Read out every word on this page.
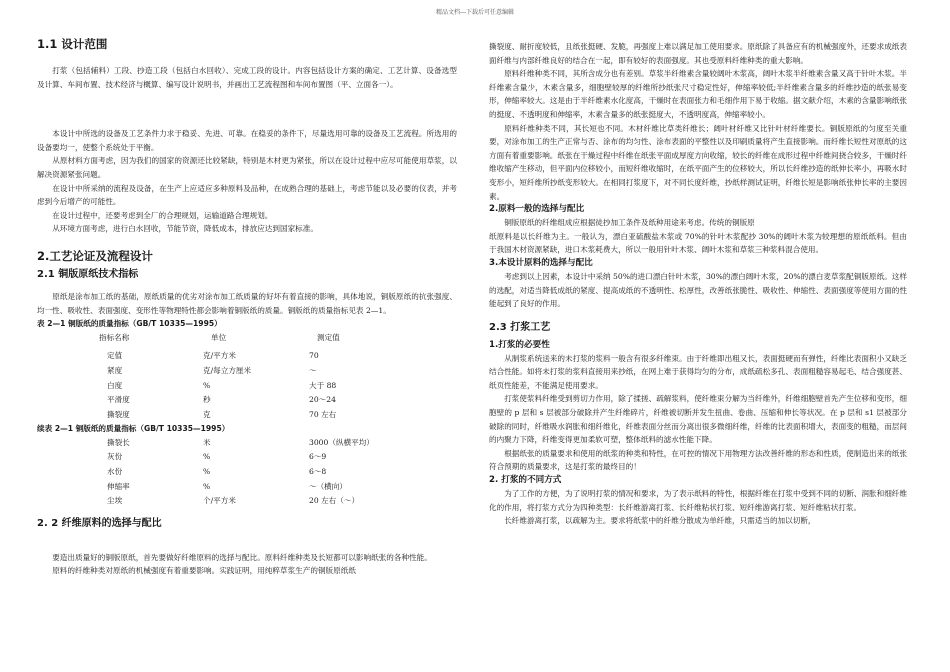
精品文档---下载后可任意编辑
1.1 设计范围

打浆（包括辅料）工段、抄造工段（包括白水回收）、完成工段的设计。内容包括设计方案的确定、工艺计算、设备选型及计算、车间布置、技术经济与概算、编写设计说明书，并画出工艺流程图和车间布置图（平、立面各一）。

本设计中所选的设备及工艺条件力求于稳妥、先进、可靠。在稳妥的条件下，尽量选用可靠的设备及工艺流程。所选用的设备要均一，使整个系统处于平衡。

从原材料方面考虑，因为我们的国家的资源还比较紧缺，特别是木材更为紧张，所以在设计过程中应尽可能使用草浆，以解决资源紧张问题。

在设计中所采纳的流程及设备，在生产上应适应多种原料及品种，在成熟合理的基础上，考虑节能以及必要的仪表，并考虑到今后增产的可能性。

在设计过程中，还要考虑到全厂的合理规划，运输道路合理规划。

从环境方面考虑，进行白水回收，节能节资，降低成本，排放应达到国家标准。

2.工艺论证及流程设计
2.1 铜版原纸技术指标

原纸是涂布加工纸的基础，原纸质量的优劣对涂布加工纸质量的好坏有着直接的影响，具体地说，铜版原纸的抗张强度、均一性、吸收性、表面强度、变形性等物理特性都会影响着铜版纸的质量。铜版纸的质量指标见表 2—1。

表 2—1 铜版纸的质量指标（GB/T 10335—1995）
指标名称	单位	测定值
定值	克/平方米	70
紧度	克/每立方厘米	～
白度	%	大于 88
平滑度	秒	20～24
撕裂度	克	70 左右
续表 2—1 铜版纸的质量指标（GB/T 10335—1995）
撕裂长	米	3000（纵横平均）
灰份	%	6～9
水份	%	6～8
伸缩率	%	～（横向）
尘埃	个/平方米	20 左右（～）
2. 2 纤维原料的选择与配比

要造出质量好的铜版原纸，首先要做好纤维原料的选择与配比。原料纤维种类及长短都可以影响纸张的各种性能。

原料的纤维种类对原纸的机械强度有着重要影响。实践证明，用纯粹草浆生产的铜版原纸纸

撕裂度、耐折度较低，且纸张挺硬、发脆，再强度上难以满足加工使用要求。原纸除了具备应有的机械强度外，还要求成纸表面纤维与内部纤维良好的结合在一起，即有较好的表面强度。其也受原料纤维种类的重大影响。

原料纤维种类不同，其所含成分也有差别。草浆半纤维素含量较阔叶木浆高，阔叶木浆半纤维素含量又高于针叶木浆。半纤维素含量少，木素含量多，细胞壁较厚的纤维所抄纸张尺寸稳定性好，伸缩率较低;半纤维素含量多的纤维抄造的纸张易变形，伸缩率较大。这是由于半纤维素水化度高，干燥时在表面张力和毛细作用下易于收缩。据文献介绍，木素的含量影响纸张的挺度、不透明度和伸缩率，木素含量多的纸张挺度大，不透明度高，伸缩率较小。

原料纤维种类不同，其长短也不同。木材纤维比草类纤维长；阔叶材纤维又比针叶材纤维要长。铜版原纸的匀度至关重要，对涂布加工的生产正常与否、涂布的均匀性、涂布表面的平整性以及印刷质量将产生直接影响。而纤维长短性对原纸的这方面有着重要影响。纸张在干燥过程中纤维在纸张平面成厚度方向收缩，较长的纤维在成形过程中纤维间挠合较多，干燥时纤维收缩产生移动，但平面内位移较小，而短纤维收缩时，在纸平面产生的位移较大，所以长纤维抄造的纸伸长率小，再吸水时变形小，短纤维所抄纸变形较大。在相同打浆度下，对不同长度纤维，抄纸样测试证明，纤维长短是影响纸张伸长率的主要因素。

2.原料一般的选择与配比

铜版原纸的纤维组成应根据徒抄加工条件及纸种用途来考虑。传统的铜版原

纸原料是以长纤维为主。一般认为，漂白亚硫酸盐木浆或 70%的针叶木浆配抄 30%的阔叶木浆为较理想的原纸纸料。但由于我国木材资源紧缺，进口木浆耗费大，所以一般用针叶木浆、阔叶木浆和草浆三种浆料混合使用。

3.本设计原料的选择与配比

考虑到以上因素，本设计中采纳 50%的进口漂白针叶木浆，30%的漂白阔叶木浆，20%的漂白麦草浆配铜版原纸。这样的选配，对适当降低成纸的紧度、提高成纸的不透明性、松厚性，改善纸张脆性、吸收性、伸缩性、表面强度等使用方面的性能起到了良好的作用。

2.3 打浆工艺
1.打浆的必要性

从制浆系统送来的未打浆的浆料一般含有很多纤维束。由于纤维即出粗又长，表面挺硬而有弹性，纤维比表面积小又缺乏结合性能。如将未打浆的浆料直接用来抄纸，在网上难于获得均匀的分布，成纸疏松多孔、表面粗糙容易起毛、结合强度甚、纸页性能差，不能满足使用要求。

打浆使浆料纤维受到剪切力作用，除了揉搓、疏解浆料，使纤维束分解为当纤维外，纤维细胞壁首先产生位移和变形，细胞壁的 p 层和 s 层被部分破除并产生纤维碎片，纤维被切断并发生扭曲、卷曲、压缩和伸长等状况。在 p 层和 s1 层被部分破除的同时，纤维吸水润胀和细纤维化，纤维表面分丝而分离出很多微细纤维，纤维的比表面积增大，表面变的粗糙，而层间的内聚力下降，纤维变得更加柔软可塑，整体纸料的滤水性能下降。

根据纸张的质量要求和使用的纸浆的种类和特性，在可控的情况下用物理方法改善纤维的形态和性质，使制造出来的纸张符合预期的质量要求，这是打浆的最终目的！

2. 打浆的不同方式

为了工作的方便，为了说明打浆的情况和要求，为了表示纸料的特性，根据纤维在打浆中受到不同的切断、润胀和细纤维化的作用，将打浆方式分为四种类型：长纤维游离打浆、长纤维粘状打浆、短纤维游离打浆、短纤维粘状打浆。

长纤维游离打浆，以疏解为主。要求将纸浆中的纤维分散成为单纤维，只需适当的加以切断，
